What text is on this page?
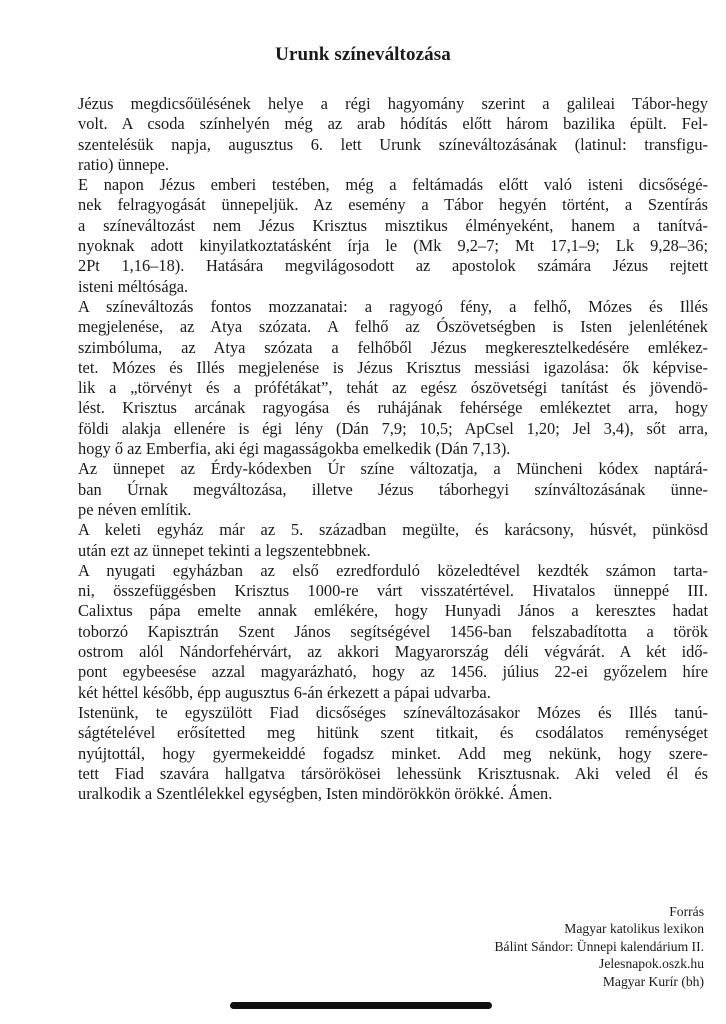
Urunk színeváltozása

Jézus megdicsőülésének helye a régi hagyomány szerint a galileai Tábor-hegy
volt. A csoda színhelyén még az arab hódítás előtt három bazilika épült. Fel-
szentelésük napja, augusztus 6. lett Urunk színeváltozásának (latinul: transfigu-
ratio) ünnepe.

E napon Jézus emberi testében, még a feltámadás előtt való isteni dicsőségé-
nek felragyogását ünnepeljük. Az esemény a Tábor hegyén történt, a Szentírás
a színeváltozást nem Jézus Krisztus misztikus élményeként, hanem a tanítvá-
nyoknak adott kinyilatkoztatásként írja le (Mk 9,2–7; Mt 17,1–9; Lk 9,28–36;
2Pt 1,16–18). Hatására megvilágosodott az apostolok számára Jézus rejtett
isteni méltósága.

A színeváltozás fontos mozzanatai: a ragyogó fény, a felhő, Mózes és Illés
megjelenése, az Atya szózata. A felhő az Ószövetségben is Isten jelenlétének
szimbóluma, az Atya szózata a felhőből Jézus megkeresztelkedésére emlékez-
tet. Mózes és Illés megjelenése is Jézus Krisztus messiási igazolása: ők képvise-
lik a „törvényt és a prófétákat”, tehát az egész ószövetségi tanítást és jövendö-
lést. Krisztus arcának ragyogása és ruhájának fehérsége emlékeztet arra, hogy
földi alakja ellenére is égi lény (Dán 7,9; 10,5; ApCsel 1,20; Jel 3,4), sőt arra,
hogy ő az Emberfia, aki égi magasságokba emelkedik (Dán 7,13).

Az ünnepet az Érdy-kódexben Úr színe változatja, a Müncheni kódex naptárá-
ban Úrnak megváltozása, illetve Jézus táborhegyi színváltozásának ünne-
pe néven említik.

A keleti egyház már az 5. században megülte, és karácsony, húsvét, pünkösd
után ezt az ünnepet tekinti a legszentebbnek.

A nyugati egyházban az első ezredforduló közeledtével kezdték számon tarta-
ni, összefüggésben Krisztus 1000-re várt visszatértével. Hivatalos ünneppé III.
Calixtus pápa emelte annak emlékére, hogy Hunyadi János a keresztes hadat
toborzó Kapisztrán Szent János segítségével 1456-ban felszabadította a török
ostrom alól Nándorfehérvárt, az akkori Magyarország déli végvárát. A két idő-
pont egybeesése azzal magyarázható, hogy az 1456. július 22-ei győzelem híre
két héttel később, épp augusztus 6-án érkezett a pápai udvarba.

Istenünk, te egyszülött Fiad dicsőséges színeváltozásakor Mózes és Illés tanú-
ságtételével erősítetted meg hitünk szent titkait, és csodálatos reménységet
nyújtottál, hogy gyermekeiddé fogadsz minket. Add meg nekünk, hogy szere-
tett Fiad szavára hallgatva társörökösei lehessünk Krisztusnak. Aki veled él és
uralkodik a Szentlélekkel egységben, Isten mindörökkön örökké. Ámen.

Forrás
Magyar katolikus lexikon
Bálint Sándor: Ünnepi kalendárium II.
Jelesnapok.oszk.hu
Magyar Kurír (bh)
